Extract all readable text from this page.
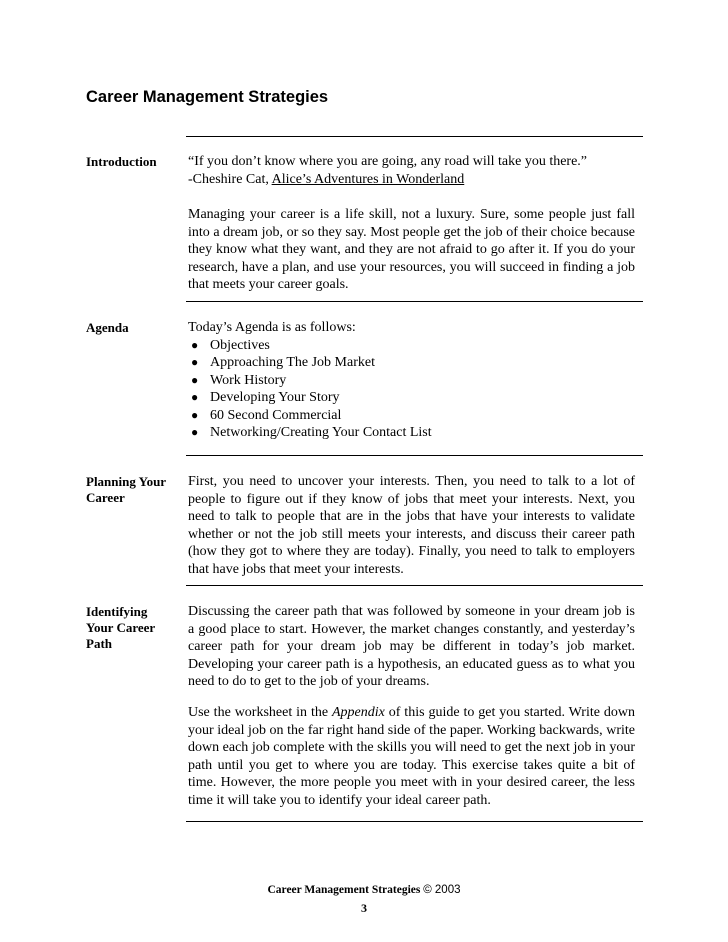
Career Management Strategies
Introduction	“If you don’t know where you are going, any road will take you there.”
-Cheshire Cat, Alice’s Adventures in Wonderland
Managing your career is a life skill, not a luxury. Sure, some people just fall into a dream job, or so they say. Most people get the job of their choice because they know what they want, and they are not afraid to go after it. If you do your research, have a plan, and use your resources, you will succeed in finding a job that meets your career goals.
Agenda	Today’s Agenda is as follows:
● Objectives
● Approaching The Job Market
● Work History
● Developing Your Story
● 60 Second Commercial
● Networking/Creating Your Contact List
Planning Your
Career
First, you need to uncover your interests. Then, you need to talk to a lot of people to figure out if they know of jobs that meet your interests. Next, you need to talk to people that are in the jobs that have your interests to validate whether or not the job still meets your interests, and discuss their career path (how they got to where they are today). Finally, you need to talk to employers that have jobs that meet your interests.
Identifying
Your Career
Path
Discussing the career path that was followed by someone in your dream job is a good place to start. However, the market changes constantly, and yesterday’s career path for your dream job may be different in today’s job market. Developing your career path is a hypothesis, an educated guess as to what you need to do to get to the job of your dreams.
Use the worksheet in the Appendix of this guide to get you started. Write down your ideal job on the far right hand side of the paper. Working backwards, write down each job complete with the skills you will need to get the next job in your path until you get to where you are today. This exercise takes quite a bit of time. However, the more people you meet with in your desired career, the less time it will take you to identify your ideal career path.
Career Management Strategies © 2003
3
